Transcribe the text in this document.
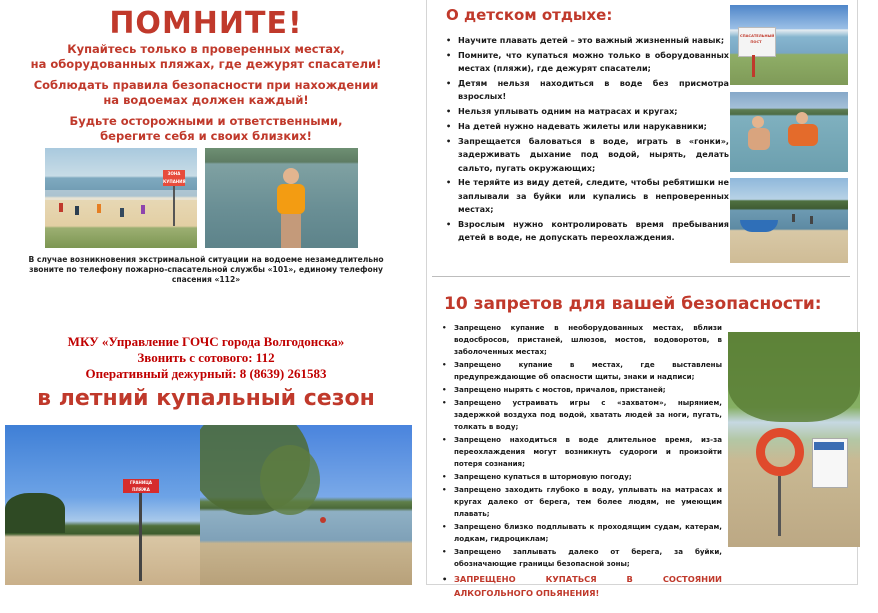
ПОМНИТЕ!
Купайтесь только в проверенных местах,
на оборудованных пляжах, где дежурят спасатели!
Соблюдать правила безопасности при нахождении
на водоемах должен каждый!
Будьте осторожными и ответственными,
берегите себя и своих близких!
ЗОНА КУПАНИЯ
В случае возникновения экстримальной ситуации на водоеме незамедлительно
звоните по телефону пожарно-спасательной службы «101», единому телефону спасения «112»
МКУ «Управление ГОЧС города Волгодонска»
Звонить с сотового: 112
Оперативный дежурный: 8 (8639) 261583
в летний купальный сезон
ГРАНИЦА ПЛЯЖА
О детском отдыхе:
• Научите плавать детей – это важный жизненный навык;
• Помните, что купаться можно только в оборудованных местах (пляжи), где дежурят спасатели;
• Детям нельзя находиться в воде без присмотра взрослых!
• Нельзя уплывать одним на матрасах и кругах;
• На детей нужно надевать жилеты или нарукавники;
• Запрещается баловаться в воде, играть в «гонки», задерживать дыхание под водой, нырять, делать сальто, пугать окружающих;
• Не теряйте из виду детей, следите, чтобы ребятишки не заплывали за буйки или купались в непроверенных местах;
• Взрослым нужно контролировать время пребывания детей в воде, не допускать переохлаждения.
СПАСАТЕЛЬНЫЙ ПОСТ
10 запретов для вашей безопасности:
• Запрещено купание в необорудованных местах, вблизи водосбросов, пристаней, шлюзов, мостов, водоворотов, в заболоченных местах;
• Запрещено купание в местах, где выставлены предупреждающие об опасности щиты, знаки и надписи;
• Запрещено нырять с мостов, причалов, пристаней;
• Запрещено устраивать игры с «захватом», нырянием, задержкой воздуха под водой, хватать людей за ноги, пугать, толкать в воду;
• Запрещено находиться в воде длительное время, из-за переохлаждения могут возникнуть судороги и произойти потеря сознания;
• Запрещено купаться в штормовую погоду;
• Запрещено заходить глубоко в воду, уплывать на матрасах и кругах далеко от берега, тем более людям, не умеющим плавать;
• Запрещено близко подплывать к проходящим судам, катерам, лодкам, гидроциклам;
• Запрещено заплывать далеко от берега, за буйки, обозначающие границы безопасной зоны;
• ЗАПРЕЩЕНО КУПАТЬСЯ В СОСТОЯНИИ АЛКОГОЛЬНОГО ОПЬЯНЕНИЯ!
